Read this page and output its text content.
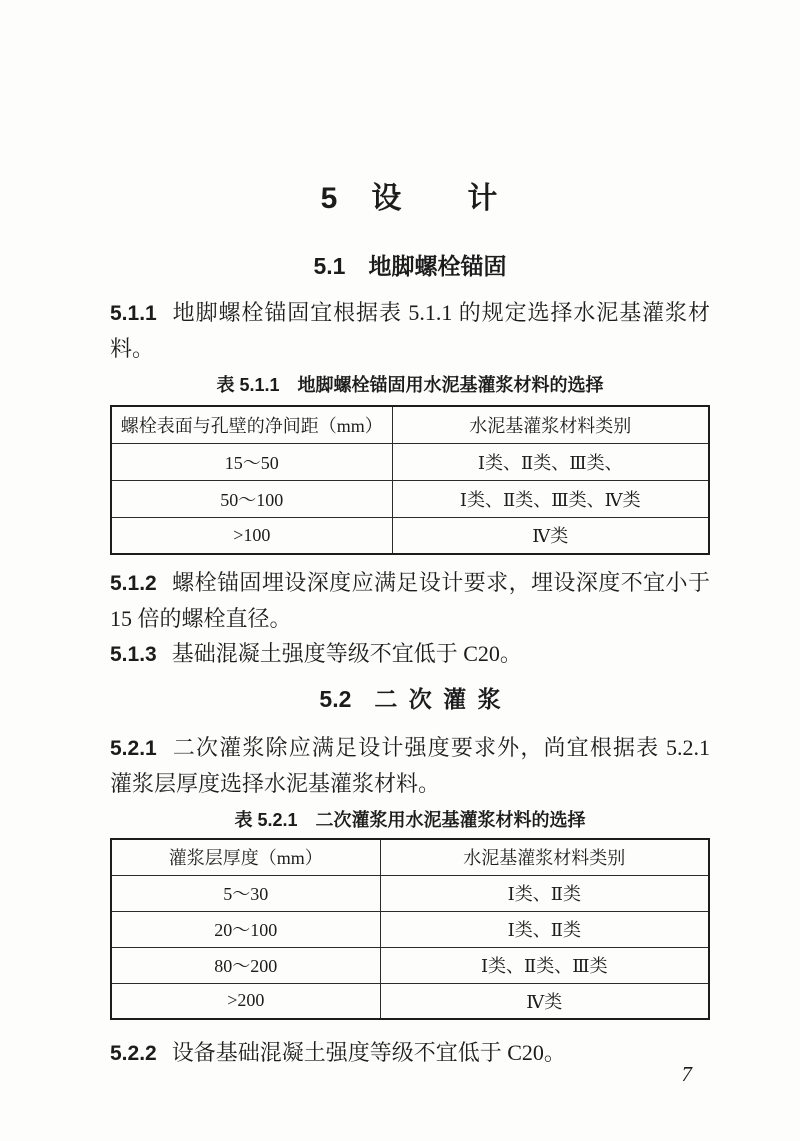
5　设　　计
5.1　地脚螺栓锚固

5.1.1 地脚螺栓锚固宜根据表 5.1.1 的规定选择水泥基灌浆材料。

表 5.1.1　地脚螺栓锚固用水泥基灌浆材料的选择
螺栓表面与孔壁的净间距（mm）	水泥基灌浆材料类别
15～50	Ⅰ类、Ⅱ类、Ⅲ类、
50～100	Ⅰ类、Ⅱ类、Ⅲ类、Ⅳ类
>100	Ⅳ类

5.1.2 螺栓锚固埋设深度应满足设计要求，埋设深度不宜小于 15 倍的螺栓直径。

5.1.3 基础混凝土强度等级不宜低于 C20。

5.2　二 次 灌 浆

5.2.1 二次灌浆除应满足设计强度要求外，尚宜根据表 5.2.1 灌浆层厚度选择水泥基灌浆材料。

表 5.2.1　二次灌浆用水泥基灌浆材料的选择
灌浆层厚度（mm）	水泥基灌浆材料类别
5～30	Ⅰ类、Ⅱ类
20～100	Ⅰ类、Ⅱ类
80～200	Ⅰ类、Ⅱ类、Ⅲ类
>200	Ⅳ类

5.2.2 设备基础混凝土强度等级不宜低于 C20。

7
